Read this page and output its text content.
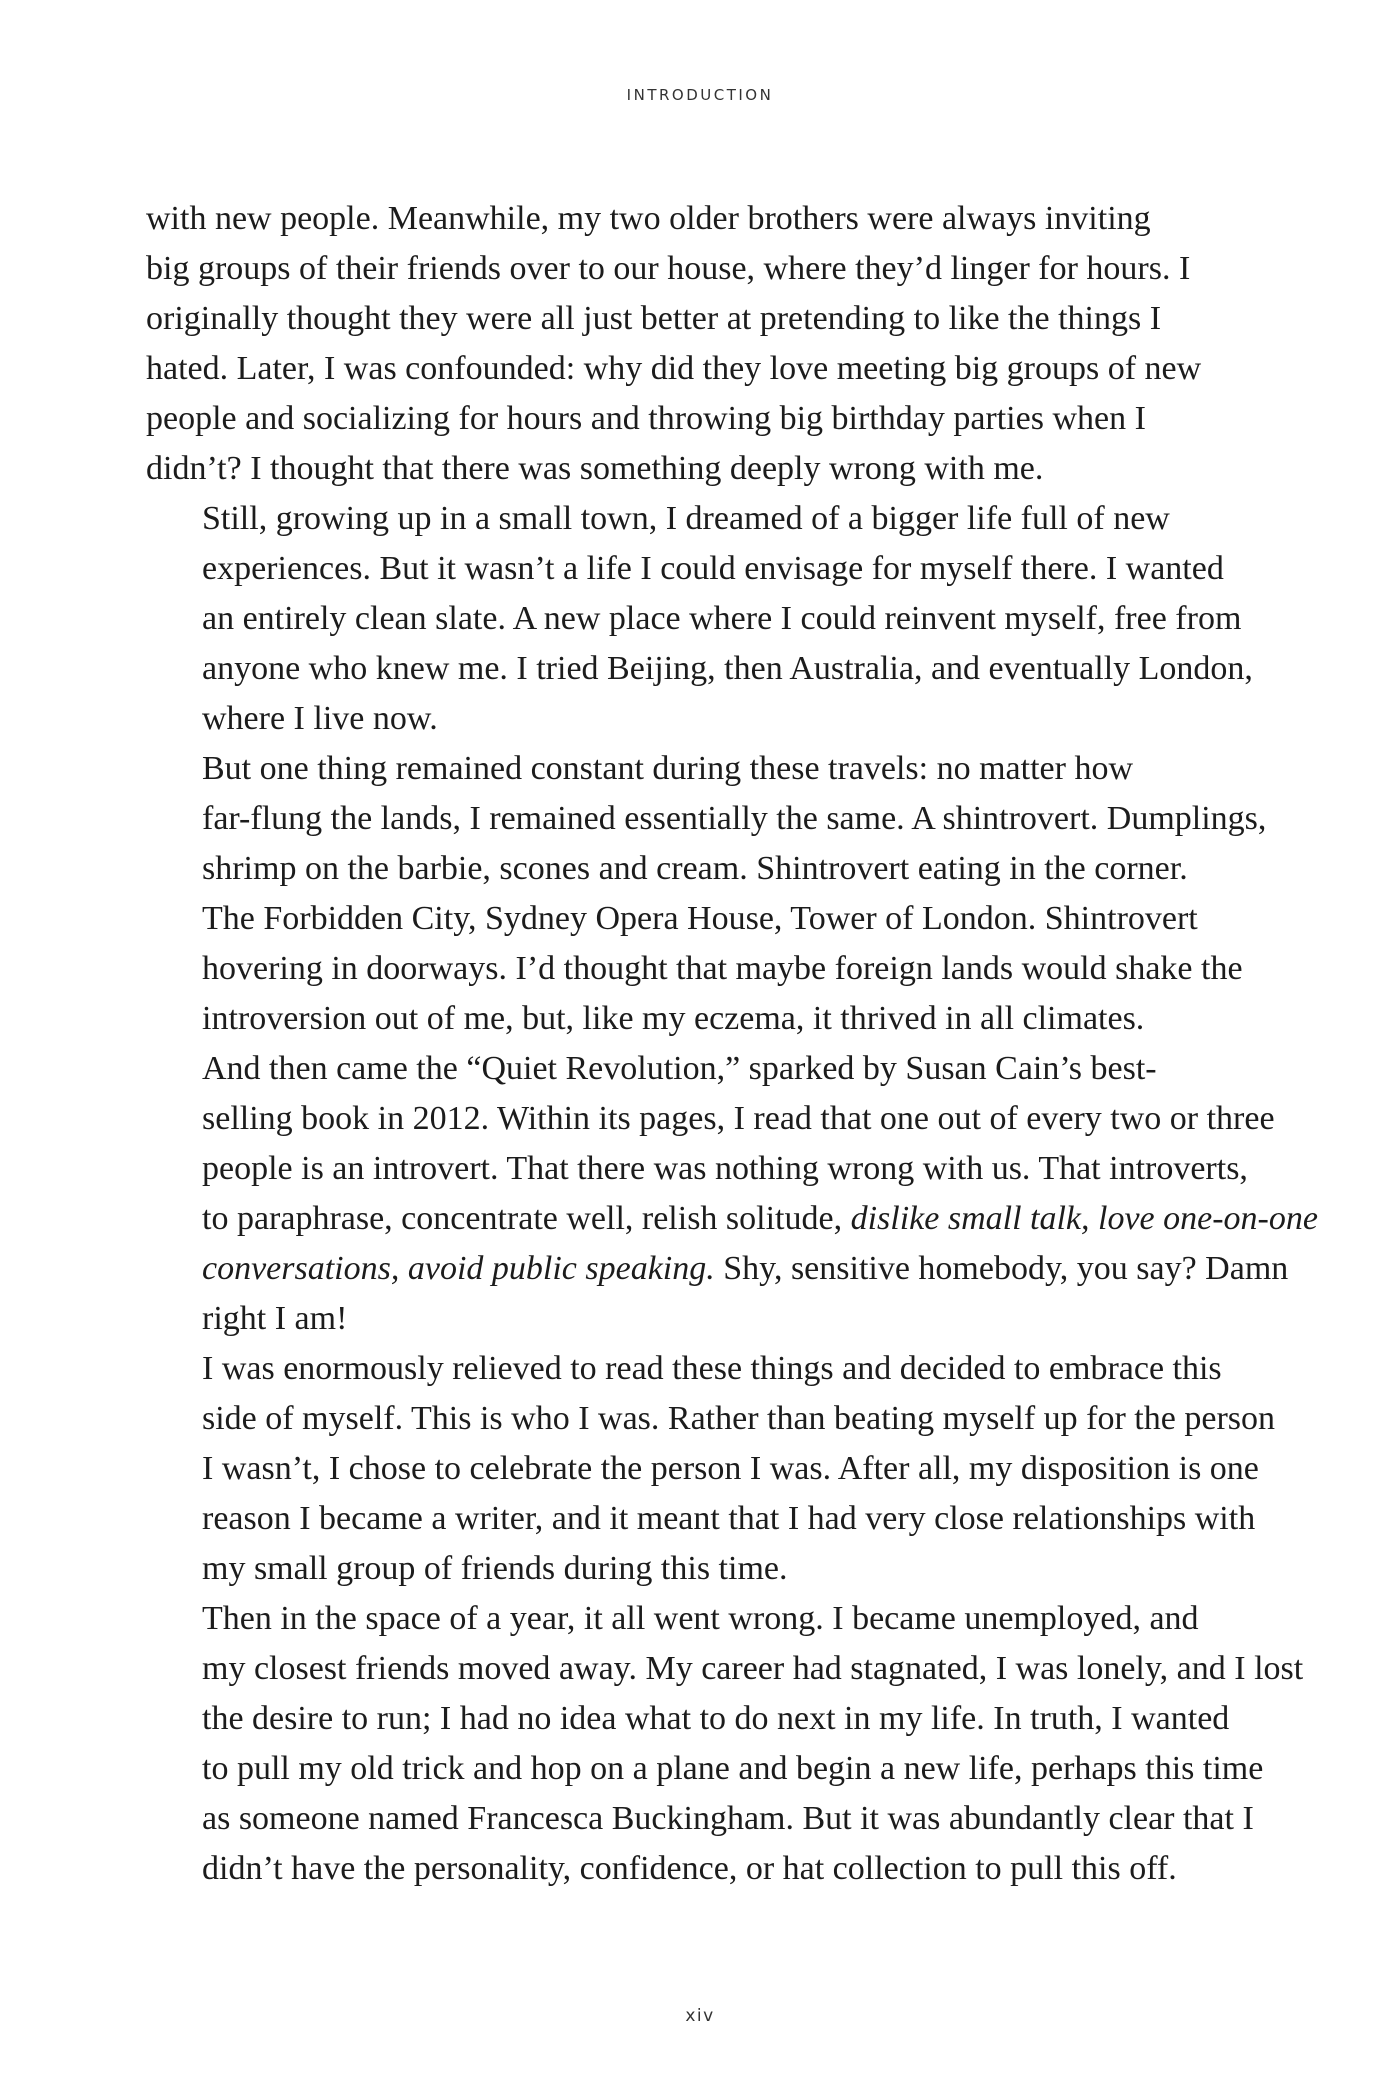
INTRODUCTION

with new people. Meanwhile, my two older brothers were always inviting
big groups of their friends over to our house, where they’d linger for hours. I
originally thought they were all just better at pretending to like the things I
hated. Later, I was confounded: why did they love meeting big groups of new
people and socializing for hours and throwing big birthday parties when I
didn’t? I thought that there was something deeply wrong with me.

Still, growing up in a small town, I dreamed of a bigger life full of new
experiences. But it wasn’t a life I could envisage for myself there. I wanted
an entirely clean slate. A new place where I could reinvent myself, free from
anyone who knew me. I tried Beijing, then Australia, and eventually London,
where I live now.

But one thing remained constant during these travels: no matter how
far-flung the lands, I remained essentially the same. A shintrovert. Dumplings,
shrimp on the barbie, scones and cream. Shintrovert eating in the corner.
The Forbidden City, Sydney Opera House, Tower of London. Shintrovert
hovering in doorways. I’d thought that maybe foreign lands would shake the
introversion out of me, but, like my eczema, it thrived in all climates.

And then came the “Quiet Revolution,” sparked by Susan Cain’s best-
selling book in 2012. Within its pages, I read that one out of every two or three
people is an introvert. That there was nothing wrong with us. That introverts,
to paraphrase, concentrate well, relish solitude, dislike small talk, love one-on-one
conversations, avoid public speaking. Shy, sensitive homebody, you say? Damn
right I am!

I was enormously relieved to read these things and decided to embrace this
side of myself. This is who I was. Rather than beating myself up for the person
I wasn’t, I chose to celebrate the person I was. After all, my disposition is one
reason I became a writer, and it meant that I had very close relationships with
my small group of friends during this time.

Then in the space of a year, it all went wrong. I became unemployed, and
my closest friends moved away. My career had stagnated, I was lonely, and I lost
the desire to run; I had no idea what to do next in my life. In truth, I wanted
to pull my old trick and hop on a plane and begin a new life, perhaps this time
as someone named Francesca Buckingham. But it was abundantly clear that I
didn’t have the personality, confidence, or hat collection to pull this off.

xiv
